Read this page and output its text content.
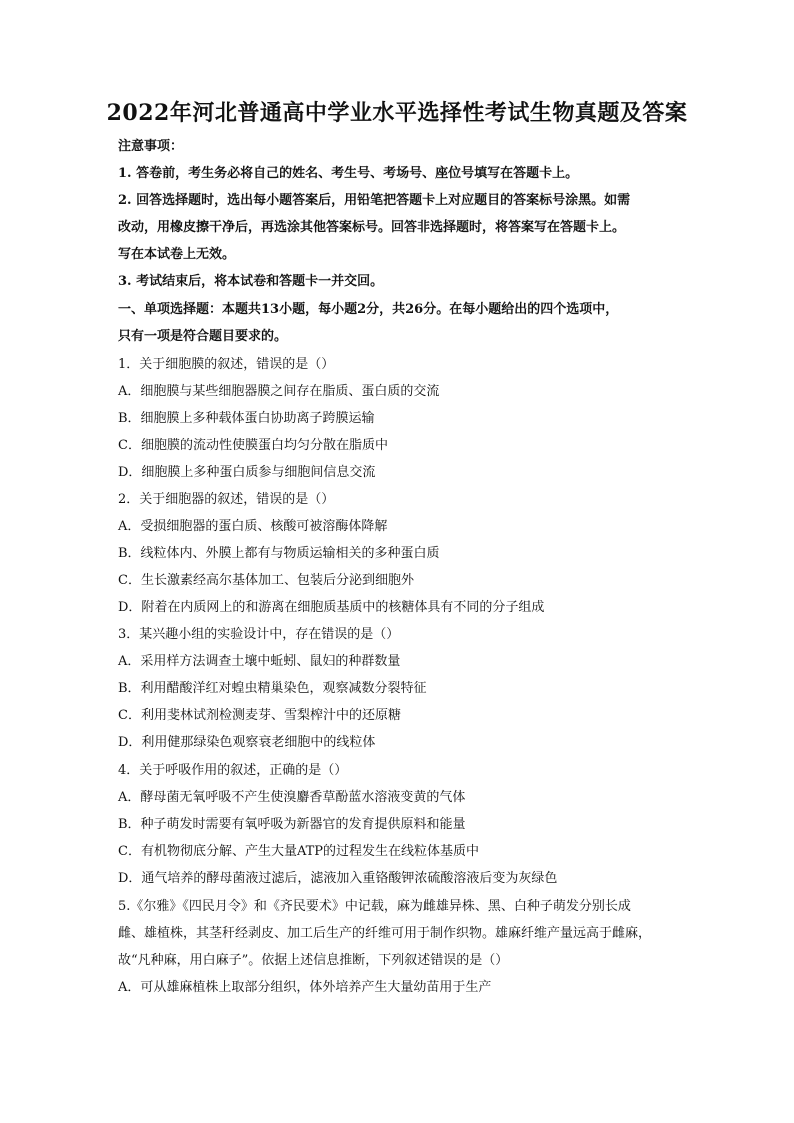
2022年河北普通高中学业水平选择性考试生物真题及答案
注意事项：
1. 答卷前，考生务必将自己的姓名、考生号、考场号、座位号填写在答题卡上。
2. 回答选择题时，选出每小题答案后，用铅笔把答题卡上对应题目的答案标号涂黑。如需
改动，用橡皮擦干净后，再选涂其他答案标号。回答非选择题时，将答案写在答题卡上。
写在本试卷上无效。
3. 考试结束后，将本试卷和答题卡一并交回。
一、单项选择题：本题共13小题，每小题2分，共26分。在每小题给出的四个选项中，
只有一项是符合题目要求的。
1．关于细胞膜的叙述，错误的是（）
A．细胞膜与某些细胞器膜之间存在脂质、蛋白质的交流
B．细胞膜上多种载体蛋白协助离子跨膜运输
C．细胞膜的流动性使膜蛋白均匀分散在脂质中
D．细胞膜上多种蛋白质参与细胞间信息交流
2．关于细胞器的叙述，错误的是（）
A．受损细胞器的蛋白质、核酸可被溶酶体降解
B．线粒体内、外膜上都有与物质运输相关的多种蛋白质
C．生长激素经高尔基体加工、包装后分泌到细胞外
D．附着在内质网上的和游离在细胞质基质中的核糖体具有不同的分子组成
3．某兴趣小组的实验设计中，存在错误的是（）
A．采用样方法调查土壤中蚯蚓、鼠妇的种群数量
B．利用醋酸洋红对蝗虫精巢染色，观察减数分裂特征
C．利用斐林试剂检测麦芽、雪梨榨汁中的还原糖
D．利用健那绿染色观察衰老细胞中的线粒体
4．关于呼吸作用的叙述，正确的是（）
A．酵母菌无氧呼吸不产生使溴麝香草酚蓝水溶液变黄的气体
B．种子萌发时需要有氧呼吸为新器官的发育提供原料和能量
C．有机物彻底分解、产生大量ATP的过程发生在线粒体基质中
D．通气培养的酵母菌液过滤后，滤液加入重铬酸钾浓硫酸溶液后变为灰绿色
5.《尔雅》《四民月令》和《齐民要术》中记载，麻为雌雄异株、黑、白种子萌发分别长成
雌、雄植株，其茎秆经剥皮、加工后生产的纤维可用于制作织物。雄麻纤维产量远高于雌麻，
故“凡种麻，用白麻子”。依据上述信息推断，下列叙述错误的是（）
A．可从雄麻植株上取部分组织，体外培养产生大量幼苗用于生产
